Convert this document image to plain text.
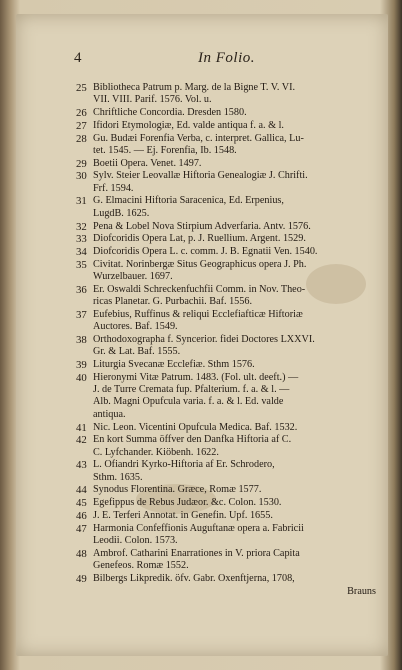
4	In Folio.
25 Bibliotheca Patrum p. Marg. de la Bigne T. V. VI.
VII. VIII. Parif. 1576. Vol. u.
26 Chriftliche Concordia. Dresden 1580.
27 Ifidori Etymologiæ, Ed. valde antiqua f. a. & l.
28 Gu. Budæi Forenfia Verba, c. interpret. Gallica, Lu-
tet. 1545. — Ej. Forenfia, Ib. 1548.
29 Boetii Opera. Venet. 1497.
30 Sylv. Steier Leovallæ Hiftoria Genealogiæ J. Chrifti.
Frf. 1594.
31 G. Elmacini Hiftoria Saracenica, Ed. Erpenius,
LugdB. 1625.
32 Pena & Lobel Nova Stirpium Adverfaria. Antv. 1576.
33 Diofcoridis Opera Lat, p. J. Ruellium. Argent. 1529.
34 Diofcoridis Opera L. c. comm. J. B. Egnatii Ven. 1540.
35 Civitat. Norinbergæ Situs Geographicus opera J. Ph.
Wurzelbauer. 1697.
36 Er. Oswaldi Schreckenfuchfii Comm. in Nov. Theo-
ricas Planetar. G. Purbachii. Baf. 1556.
37 Eufebius, Ruffinus & reliqui Ecclefiafticæ Hiftoriæ
Auctores. Baf. 1549.
38 Orthodoxographa f. Syncerior. fidei Doctores LXXVI.
Gr. & Lat. Baf. 1555.
39 Liturgia Svecanæ Ecclefiæ. Sthm 1576.
40 Hieronymi Vitæ Patrum. 1483. (Fol. ult. deeft.) —
J. de Turre Cremata fup. Pfalterium. f. a. & l. —
Alb. Magni Opufcula varia. f. a. & l. Ed. valde
antiqua.
41 Nic. Leon. Vicentini Opufcula Medica. Baf. 1532.
42 En kort Summa öffver den Danfka Hiftoria af C.
C. Lyfchander. Kiöbenh. 1622.
43 L. Ofiandri Kyrko-Hiftoria af Er. Schrodero,
Sthm. 1635.
44 Synodus Florentina. Græce, Romæ 1577.
45 Egefippus de Rebus Judæor. &c. Colon. 1530.
46 J. E. Terferi Annotat. in Genefin. Upf. 1655.
47 Harmonia Confeffionis Auguftanæ opera a. Fabricii
Leodii. Colon. 1573.
48 Ambrof. Catharini Enarrationes in V. priora Capita
Genefeos. Romæ 1552.
49 Bilbergs Likpredik. öfv. Gabr. Oxenftjerna, 1708,
Brauns
